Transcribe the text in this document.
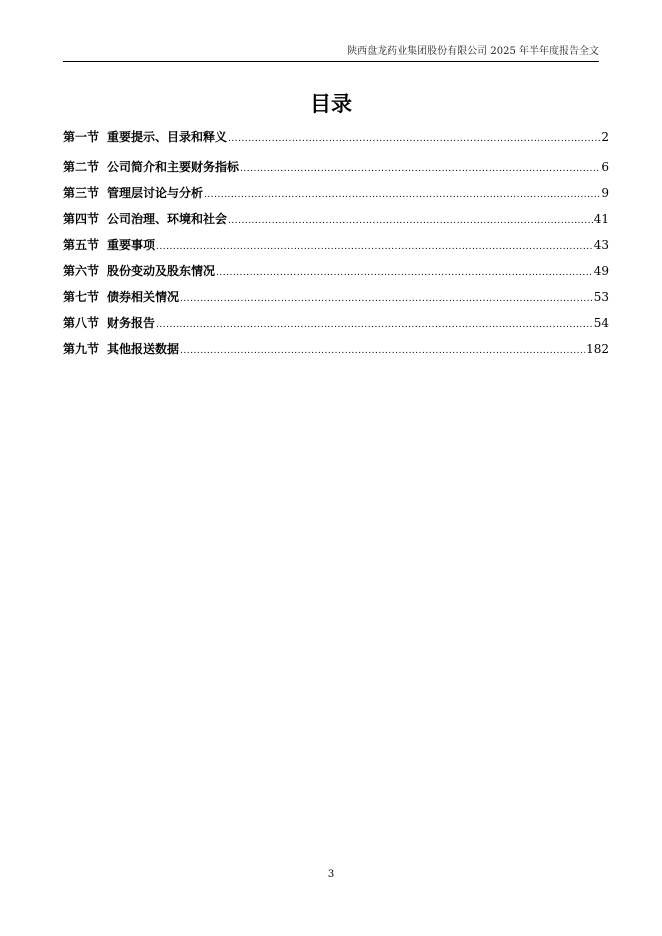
陕西盘龙药业集团股份有限公司 2025 年半年度报告全文
目录
第一节 重要提示、目录和释义 .....	2
第二节 公司简介和主要财务指标 .....	6
第三节 管理层讨论与分析 .....	9
第四节 公司治理、环境和社会 .....	41
第五节 重要事项 .....	43
第六节 股份变动及股东情况 .....	49
第七节 债券相关情况 .....	53
第八节 财务报告 .....	54
第九节 其他报送数据 .....	182
3
